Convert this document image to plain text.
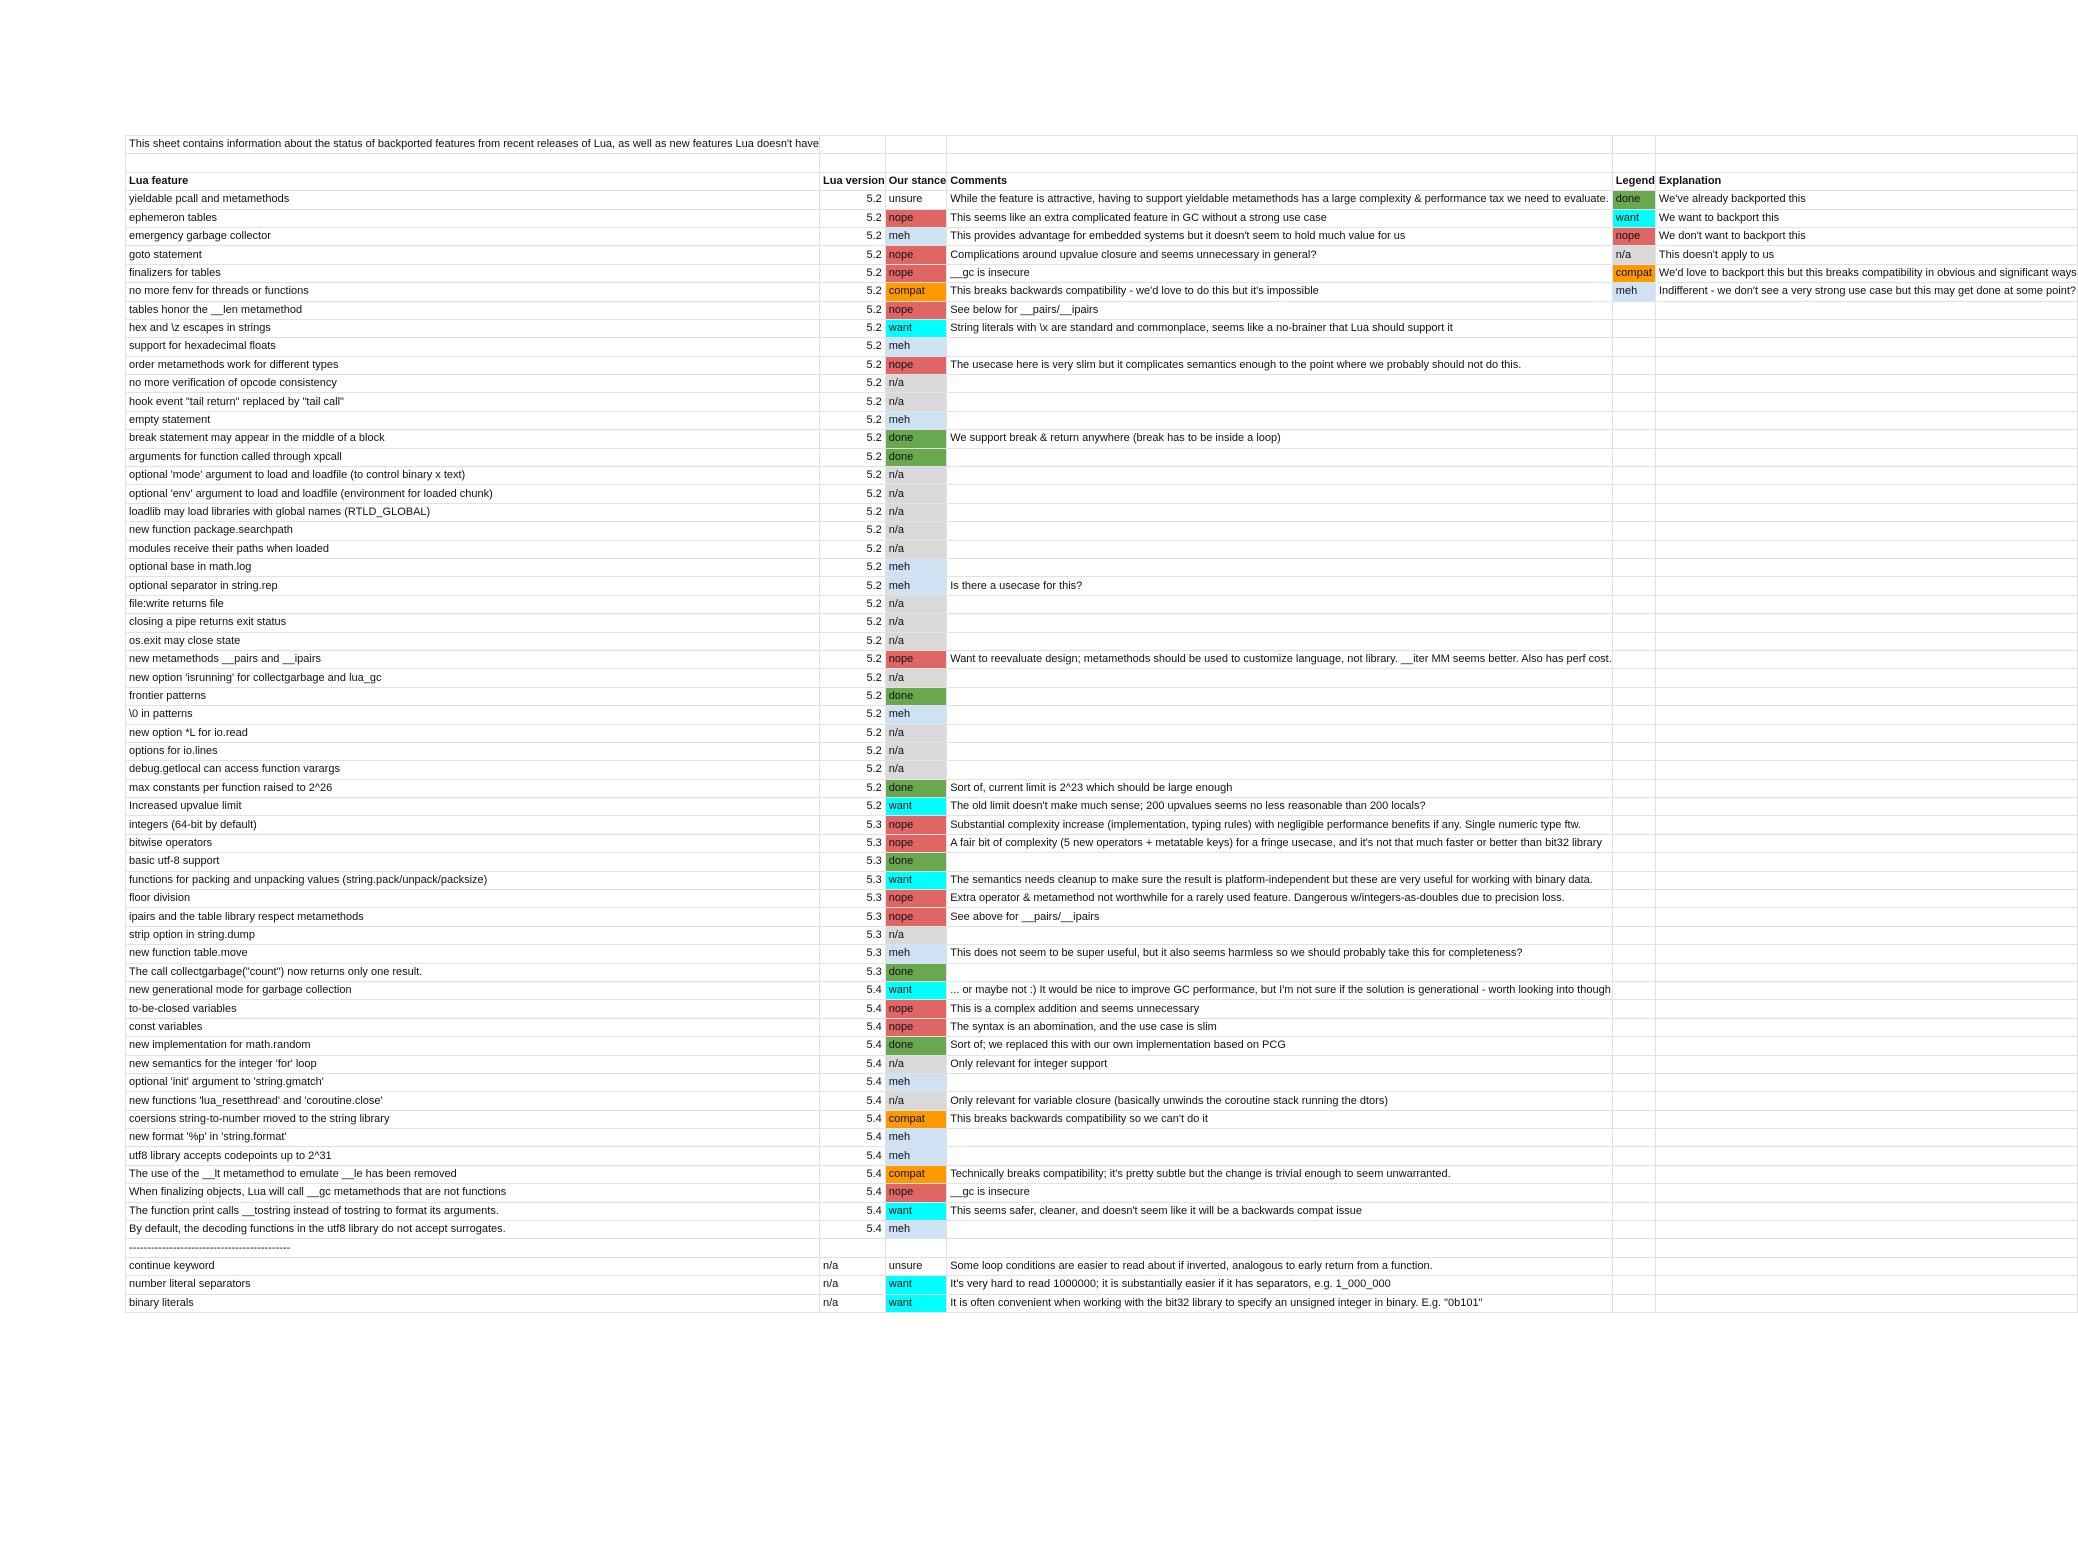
This sheet contains information about the status of backported features from recent releases of Lua, as well as new features Lua doesn't have					

Lua feature	Lua version	Our stance	Comments	Legend	Explanation
yieldable pcall and metamethods	5.2	unsure	While the feature is attractive, having to support yieldable metamethods has a large complexity & performance tax we need to evaluate.	done	We've already backported this
ephemeron tables	5.2	nope	This seems like an extra complicated feature in GC without a strong use case	want	We want to backport this
emergency garbage collector	5.2	meh	This provides advantage for embedded systems but it doesn't seem to hold much value for us	nope	We don't want to backport this
goto statement	5.2	nope	Complications around upvalue closure and seems unnecessary in general?	n/a	This doesn't apply to us
finalizers for tables	5.2	nope	__gc is insecure	compat	We'd love to backport this but this breaks compatibility in obvious and significant ways
no more fenv for threads or functions	5.2	compat	This breaks backwards compatibility - we'd love to do this but it's impossible	meh	Indifferent - we don't see a very strong use case but this may get done at some point?
tables honor the __len metamethod	5.2	nope	See below for __pairs/__ipairs		
hex and \z escapes in strings	5.2	want	String literals with \x are standard and commonplace, seems like a no-brainer that Lua should support it		
support for hexadecimal floats	5.2	meh			
order metamethods work for different types	5.2	nope	The usecase here is very slim but it complicates semantics enough to the point where we probably should not do this.		
no more verification of opcode consistency	5.2	n/a			
hook event "tail return" replaced by "tail call"	5.2	n/a			
empty statement	5.2	meh			
break statement may appear in the middle of a block	5.2	done	We support break & return anywhere (break has to be inside a loop)		
arguments for function called through xpcall	5.2	done			
optional 'mode' argument to load and loadfile (to control binary x text)	5.2	n/a			
optional 'env' argument to load and loadfile (environment for loaded chunk)	5.2	n/a			
loadlib may load libraries with global names (RTLD_GLOBAL)	5.2	n/a			
new function package.searchpath	5.2	n/a			
modules receive their paths when loaded	5.2	n/a			
optional base in math.log	5.2	meh			
optional separator in string.rep	5.2	meh	Is there a usecase for this?		
file:write returns file	5.2	n/a			
closing a pipe returns exit status	5.2	n/a			
os.exit may close state	5.2	n/a			
new metamethods __pairs and __ipairs	5.2	nope	Want to reevaluate design; metamethods should be used to customize language, not library. __iter MM seems better. Also has perf cost.		
new option 'isrunning' for collectgarbage and lua_gc	5.2	n/a			
frontier patterns	5.2	done			
\0 in patterns	5.2	meh			
new option *L for io.read	5.2	n/a			
options for io.lines	5.2	n/a			
debug.getlocal can access function varargs	5.2	n/a			
max constants per function raised to 2^26	5.2	done	Sort of, current limit is 2^23 which should be large enough		
Increased upvalue limit	5.2	want	The old limit doesn't make much sense; 200 upvalues seems no less reasonable than 200 locals?		
integers (64-bit by default)	5.3	nope	Substantial complexity increase (implementation, typing rules) with negligible performance benefits if any. Single numeric type ftw.		
bitwise operators	5.3	nope	A fair bit of complexity (5 new operators + metatable keys) for a fringe usecase, and it's not that much faster or better than bit32 library		
basic utf-8 support	5.3	done			
functions for packing and unpacking values (string.pack/unpack/packsize)	5.3	want	The semantics needs cleanup to make sure the result is platform-independent but these are very useful for working with binary data.		
floor division	5.3	nope	Extra operator & metamethod not worthwhile for a rarely used feature. Dangerous w/integers-as-doubles due to precision loss.		
ipairs and the table library respect metamethods	5.3	nope	See above for __pairs/__ipairs		
strip option in string.dump	5.3	n/a			
new function table.move	5.3	meh	This does not seem to be super useful, but it also seems harmless so we should probably take this for completeness?		
The call collectgarbage("count") now returns only one result.	5.3	done			
new generational mode for garbage collection	5.4	want	... or maybe not :) It would be nice to improve GC performance, but I'm not sure if the solution is generational - worth looking into though		
to-be-closed variables	5.4	nope	This is a complex addition and seems unnecessary		
const variables	5.4	nope	The syntax is an abomination, and the use case is slim		
new implementation for math.random	5.4	done	Sort of; we replaced this with our own implementation based on PCG		
new semantics for the integer 'for' loop	5.4	n/a	Only relevant for integer support		
optional 'init' argument to 'string.gmatch'	5.4	meh			
new functions 'lua_resetthread' and 'coroutine.close'	5.4	n/a	Only relevant for variable closure (basically unwinds the coroutine stack running the dtors)		
coersions string-to-number moved to the string library	5.4	compat	This breaks backwards compatibility so we can't do it		
new format '%p' in 'string.format'	5.4	meh			
utf8 library accepts codepoints up to 2^31	5.4	meh			
The use of the __lt metamethod to emulate __le has been removed	5.4	compat	Technically breaks compatibility; it's pretty subtle but the change is trivial enough to seem unwarranted.		
When finalizing objects, Lua will call __gc metamethods that are not functions	5.4	nope	__gc is insecure		
The function print calls __tostring instead of tostring to format its arguments.	5.4	want	This seems safer, cleaner, and doesn't seem like it will be a backwards compat issue		
By default, the decoding functions in the utf8 library do not accept surrogates.	5.4	meh			
--------------------------------------------					
continue keyword	n/a	unsure	Some loop conditions are easier to read about if inverted, analogous to early return from a function.		
number literal separators	n/a	want	It's very hard to read 1000000; it is substantially easier if it has separators, e.g. 1_000_000		
binary literals	n/a	want	It is often convenient when working with the bit32 library to specify an unsigned integer in binary. E.g. "0b101"		
